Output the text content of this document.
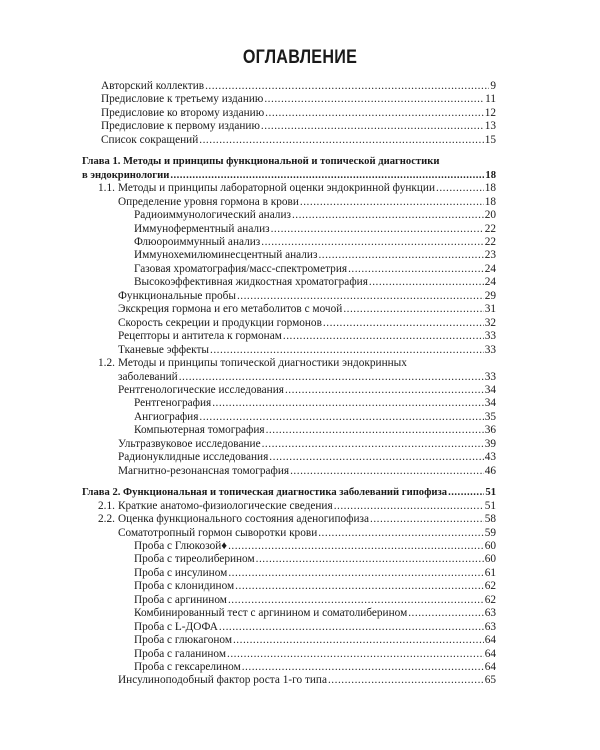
ОГЛАВЛЕНИЕ
Авторский коллектив .....	9
Предисловие к третьему изданию .....	11
Предисловие ко второму изданию .....	12
Предисловие к первому изданию .....	13
Список сокращений .....	15
Глава 1. Методы и принципы функциональной и топической диагностики
в эндокринологии .....	18
1.1. Методы и принципы лабораторной оценки эндокринной функции .....	18
Определение уровня гормона в крови .....	18
Радиоиммунологический анализ .....	20
Иммуноферментный анализ .....	22
Флюороиммунный анализ .....	22
Иммунохемилюминесцентный анализ .....	23
Газовая хроматография/масс-спектрометрия .....	24
Высокоэффективная жидкостная хроматография .....	24
Функциональные пробы .....	29
Экскреция гормона и его метаболитов с мочой .....	31
Скорость секреции и продукции гормонов .....	32
Рецепторы и антитела к гормонам .....	33
Тканевые эффекты .....	33
1.2. Методы и принципы топической диагностики эндокринных
заболеваний .....	33
Рентгенологические исследования .....	34
Рентгенография .....	34
Ангиография .....	35
Компьютерная томография .....	36
Ультразвуковое исследование .....	39
Радионуклидные исследования .....	43
Магнитно-резонансная томография .....	46
Глава 2. Функциональная и топическая диагностика заболеваний гипофиза .....	51
2.1. Краткие анатомо-физиологические сведения .....	51
2.2. Оценка функционального состояния аденогипофиза .....	58
Соматотропный гормон сыворотки крови .....	59
Проба с Глюкозой♦ .....	60
Проба с тиреолиберином .....	60
Проба с инсулином .....	61
Проба с клонидином .....	62
Проба с аргинином .....	62
Комбинированный тест с аргинином и соматолиберином .....	63
Проба с L-ДОФА .....	63
Проба с глюкагоном .....	64
Проба с галанином .....	64
Проба с гексарелином .....	64
Инсулиноподобный фактор роста 1-го типа .....	65
